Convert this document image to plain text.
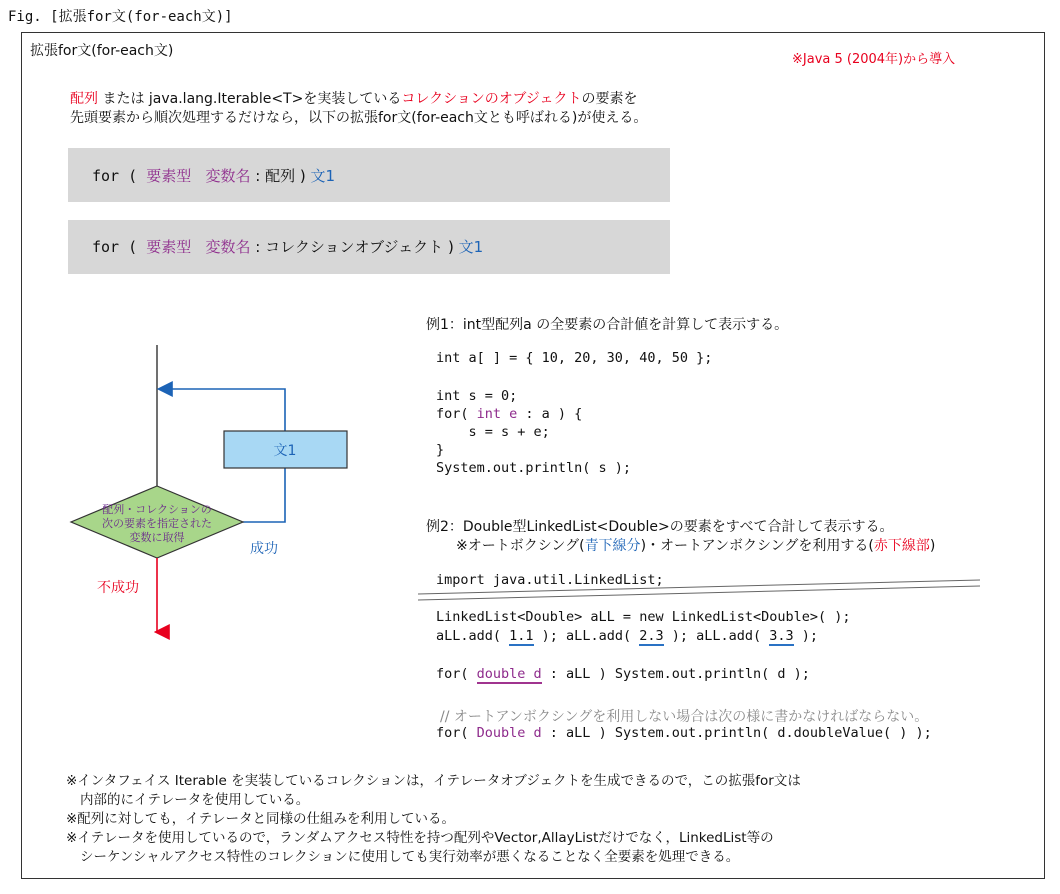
Fig. [拡張for文(for-each文)]
拡張for文(for-each文)
※Java 5 (2004年)から導入
配列 または java.lang.Iterable<T>を実装しているコレクションのオブジェクトの要素を
先頭要素から順次処理するだけなら，以下の拡張for文(for-each文とも呼ばれる)が使える。
for ( 要素型 変数名 : 配列 ) 文1
for ( 要素型 変数名 : コレクションオブジェクト ) 文1
文1
配列・コレクションの
次の要素を指定された
変数に取得
成功
不成功
例1：int型配列a の全要素の合計値を計算して表示する。
int a[ ] = { 10, 20, 30, 40, 50 };
int s = 0;
for( int e : a ) {
s = s + e;
}
System.out.println( s );
例2：Double型LinkedList<Double>の要素をすべて合計して表示する。
※オートボクシング(青下線分)・オートアンボクシングを利用する(赤下線部)
import java.util.LinkedList;
LinkedList<Double> aLL = new LinkedList<Double>( );
aLL.add( 1.1 ); aLL.add( 2.3 ); aLL.add( 3.3 );
for( double d : aLL ) System.out.println( d );
// オートアンボクシングを利用しない場合は次の様に書かなければならない。
for( Double d : aLL ) System.out.println( d.doubleValue( ) );
※インタフェイス Iterable を実装しているコレクションは，イテレータオブジェクトを生成できるので，この拡張for文は
内部的にイテレータを使用している。
※配列に対しても，イテレータと同様の仕組みを利用している。
※イテレータを使用しているので，ランダムアクセス特性を持つ配列やVector,AllayListだけでなく，LinkedList等の
シーケンシャルアクセス特性のコレクションに使用しても実行効率が悪くなることなく全要素を処理できる。
